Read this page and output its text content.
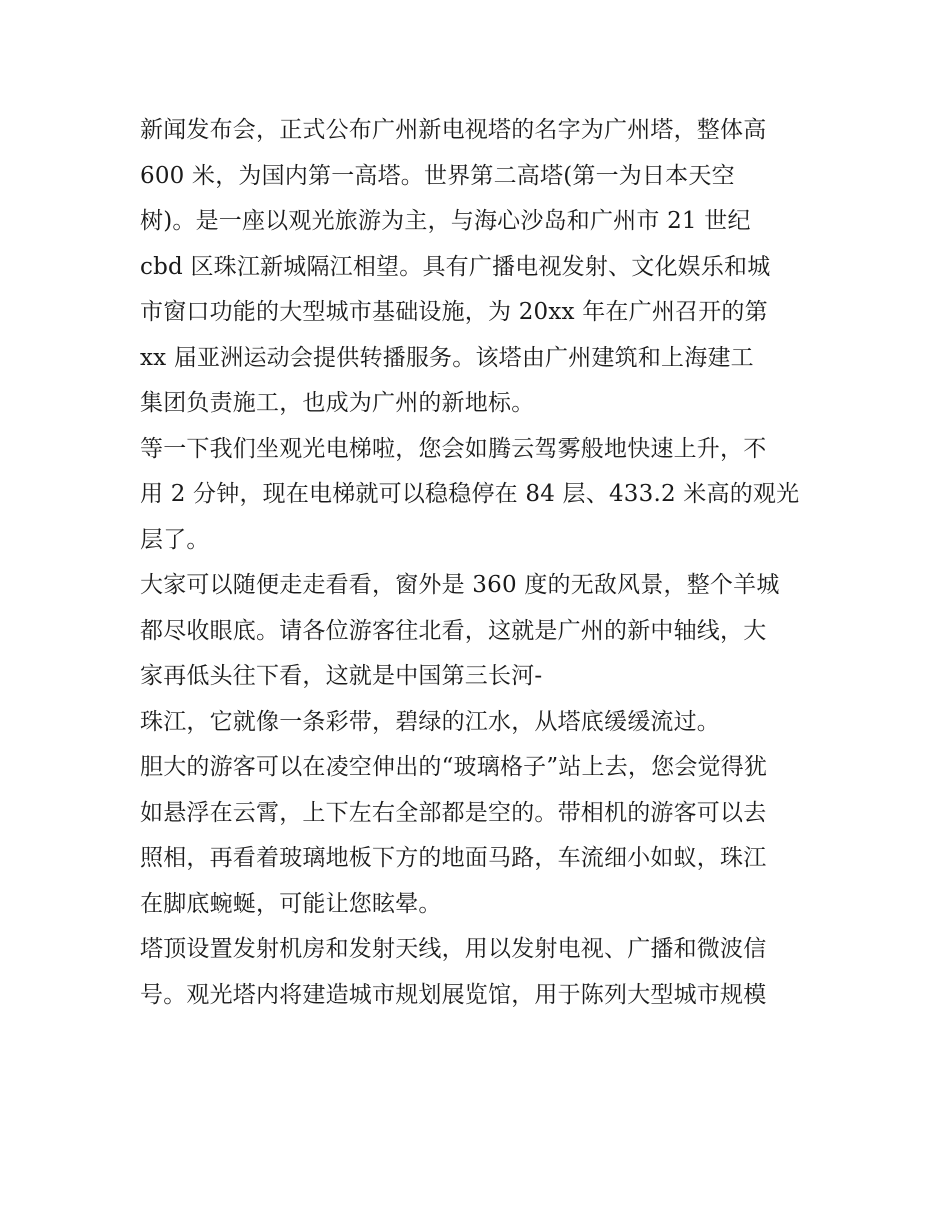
新闻发布会，正式公布广州新电视塔的名字为广州塔，整体高
600 米，为国内第一高塔。世界第二高塔(第一为日本天空
树)。是一座以观光旅游为主，与海心沙岛和广州市 21 世纪
cbd 区珠江新城隔江相望。具有广播电视发射、文化娱乐和城
市窗口功能的大型城市基础设施，为 20xx 年在广州召开的第
xx 届亚洲运动会提供转播服务。该塔由广州建筑和上海建工
集团负责施工，也成为广州的新地标。
等一下我们坐观光电梯啦，您会如腾云驾雾般地快速上升，不
用 2 分钟，现在电梯就可以稳稳停在 84 层、433.2 米高的观光
层了。
大家可以随便走走看看，窗外是 360 度的无敌风景，整个羊城
都尽收眼底。请各位游客往北看，这就是广州的新中轴线，大
家再低头往下看，这就是中国第三长河-
珠江，它就像一条彩带，碧绿的江水，从塔底缓缓流过。
胆大的游客可以在凌空伸出的“玻璃格子”站上去，您会觉得犹
如悬浮在云霄，上下左右全部都是空的。带相机的游客可以去
照相，再看着玻璃地板下方的地面马路，车流细小如蚁，珠江
在脚底蜿蜒，可能让您眩晕。
塔顶设置发射机房和发射天线，用以发射电视、广播和微波信
号。观光塔内将建造城市规划展览馆，用于陈列大型城市规模
